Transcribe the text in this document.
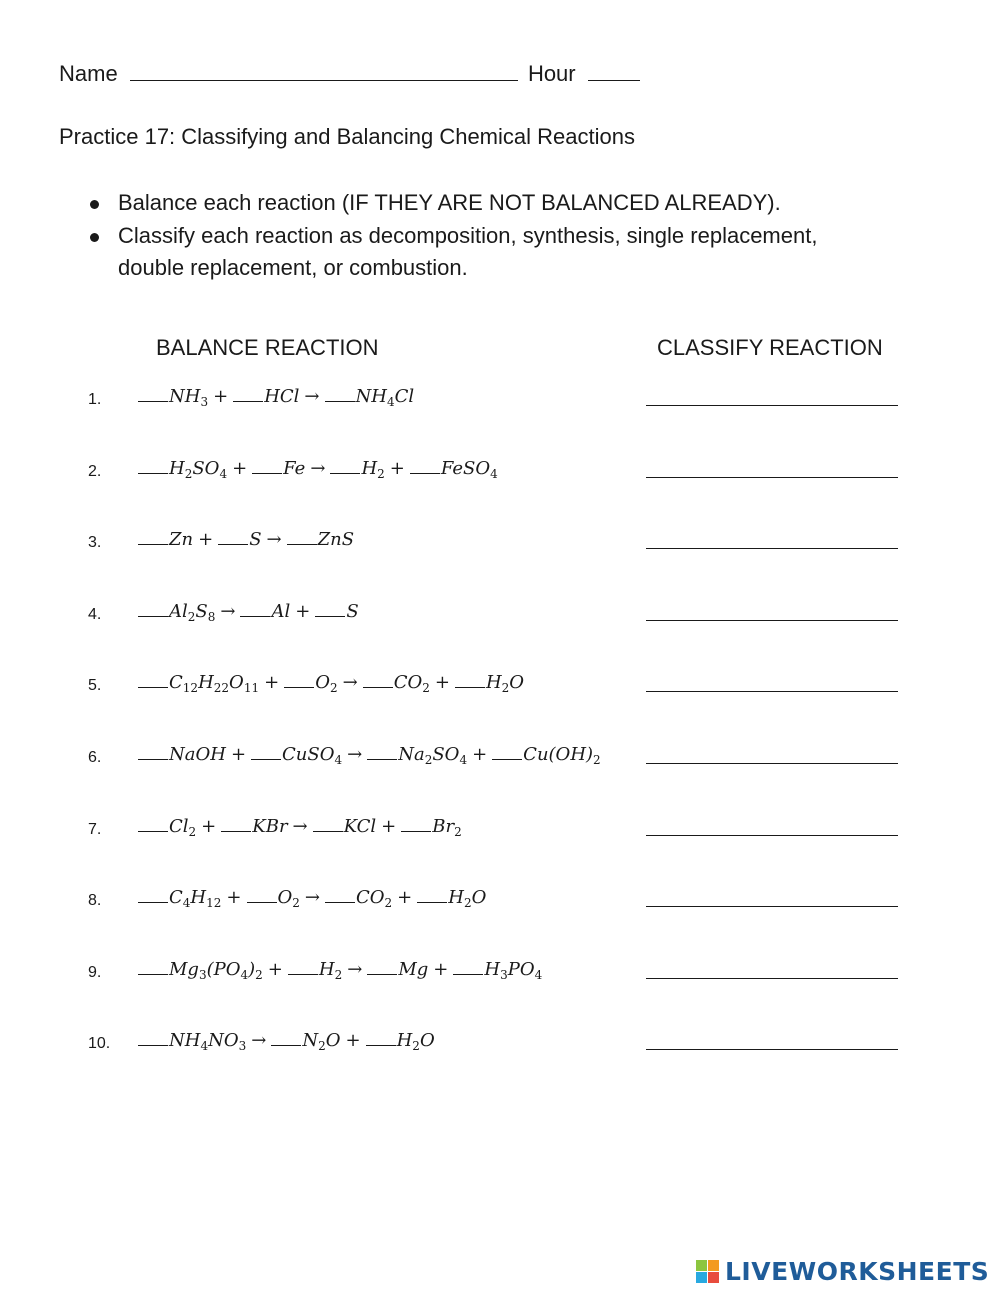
Name	Hour
Practice 17: Classifying and Balancing Chemical Reactions
Balance each reaction (IF THEY ARE NOT BALANCED ALREADY).
Classify each reaction as decomposition, synthesis, single replacement, double replacement, or combustion.
BALANCE REACTION	CLASSIFY REACTION
1.	$NH_3$ + HCl → $NH_4Cl$
2.	$H_2SO_4 + Fe \to H_2$ + FeSO$_4$
3.	Zn + S → ZnS
4.	$Al_2S_8 \to Al + S$
5.	$C_{12}H_{22}O_{11} + O_2 \to CO_2 + H_2O$
6.	NaOH + CuSO$_4$ → $Na_2SO_4 + Cu(OH)_2$
7.	$Cl_2$ + KBr → KCl + $Br_2$
8.	$C_4H_{12} + O_2 \to CO_2 + H_2O$
9.	$Mg_3(PO_4)_2 + H_2 \to Mg + H_3PO_4$
10.	$NH_4NO_3 \to N_2O + H_2O$
LIVEWORKSHEETS
